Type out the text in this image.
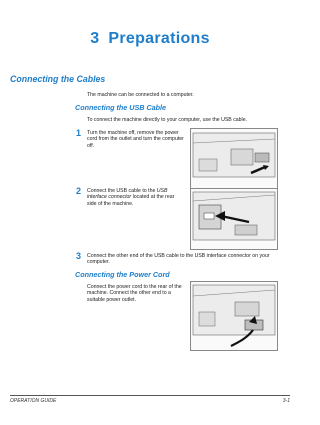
3 Preparations
Connecting the Cables
The machine can be connected to a computer.
Connecting the USB Cable
To connect the machine directly to your computer, use the USB cable.
1 Turn the machine off, remove the power cord from the outlet and turn the computer off.
2 Connect the USB cable to the USB interface connector located at the rear side of the machine.
3 Connect the other end of the USB cable to the USB interface connector on your computer.
Connecting the Power Cord
Connect the power cord to the rear of the machine. Connect the other end to a suitable power outlet.
OPERATION GUIDE	3-1
